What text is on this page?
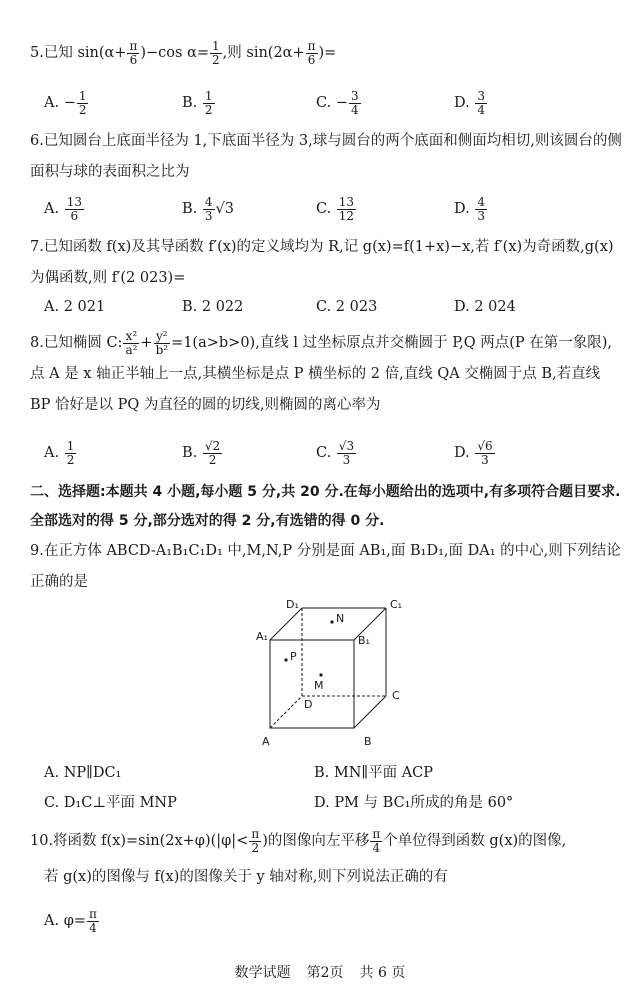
5.已知 $\sin(\alpha+ \frac{\pi}{6} )-\cos$ $\alpha= \frac{1}{2}$ ,则 $\sin(2\alpha+ \frac{\pi}{6}$ )=
A. − $\frac{1}{2}$	B. $\frac{1}{2}$	C. − $\frac{3}{4}$	D. $\frac{3}{4}$
6.已知圆台上底面半径为 1,下底面半径为 3,球与圆台的两个底面和侧面均相切,则该圆台的侧面积与球的表面积之比为
A. $\frac{13}{6}$	B. $\frac{4}{3} √3$	C. $\frac{13}{12}$	D. $\frac{4}{3}$
7.已知函数 f(x)及其导函数 f′(x)的定义域均为 R,记 g(x)=f(1+x)−x,若 f′(x)为奇函数,g(x)为偶函数,则 f′(2 023)=
A. 2 021	B. 2 022	C. 2 023	D. 2 024
8.已知椭圆 C: $\frac{\text{x²}}{\text{a²}} + \frac{\text{y²}}{\text{b²}} =1(a>b>0)$,直线 l 过坐标原点并交椭圆于 P,Q 两点(P 在第一象限),点 A 是 x 轴正半轴上一点,其横坐标是点 P 横坐标的 2 倍,直线 QA 交椭圆于点 B,若直线 BP 恰好是以 PQ 为直径的圆的切线,则椭圆的离心率为
A. $\frac{1}{2}$	B. $\frac{√2}{2}$	C. $\frac{√3}{3}$	D. $\frac{√6}{3}$
二、选择题:本题共 4 小题,每小题 5 分,共 20 分.在每小题给出的选项中,有多项符合题目要求.全部选对的得 5 分,部分选对的得 2 分,有选错的得 0 分.
9.在正方体 ABCD-A₁B₁C₁D₁ 中,M,N,P 分别是面 AB₁,面 B₁D₁,面 DA₁ 的中心,则下列结论正确的是
D₁	C₁
A₁	B₁
N
P
M
D
C
A	B
A. NP∥DC₁	B. MN∥平面 ACP
C. D₁C⊥平面 MNP	D. PM 与 BC₁所成的角是 60°
10.将函数 $f(x)=\sin(2x+\varphi)(|\varphi|< \frac{\pi}{2}$ )的图像向左平移 $\frac{\pi}{4}$ 个单位得到函数 g(x)的图像,
若 g(x)的图像与 f(x)的图像关于 y 轴对称,则下列说法正确的有
A. $\varphi= \frac{\pi}{4}$
数学试题 第2页 共 6 页
